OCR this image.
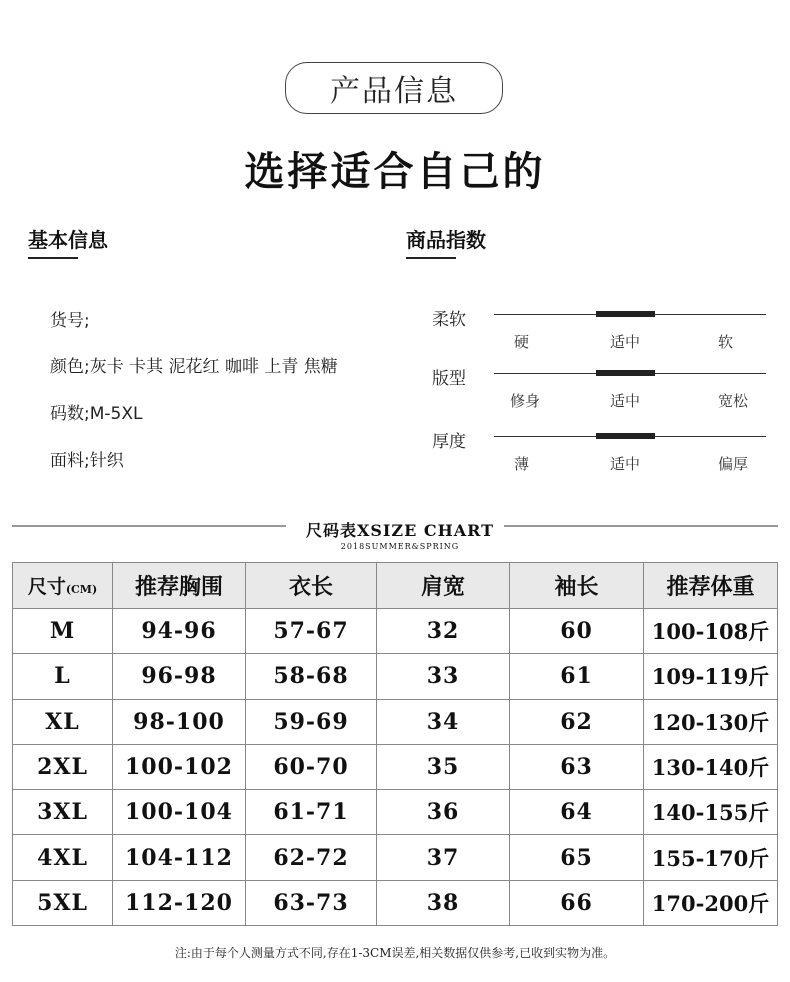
产品信息
选择适合自己的
基本信息
货号;
颜色;灰卡 卡其 泥花红 咖啡 上青 焦糖
码数;M-5XL
面料;针织
商品指数
柔软
硬	适中	软
版型
修身	适中	宽松
厚度
薄	适中	偏厚
尺码表XSIZE CHART
2018SUMMER&SPRING
尺寸(CM)	推荐胸围	衣长	肩宽	袖长	推荐体重
M	94-96	57-67	32	60	100-108斤
L	96-98	58-68	33	61	109-119斤
XL	98-100	59-69	34	62	120-130斤
2XL	100-102	60-70	35	63	130-140斤
3XL	100-104	61-71	36	64	140-155斤
4XL	104-112	62-72	37	65	155-170斤
5XL	112-120	63-73	38	66	170-200斤
注:由于每个人测量方式不同,存在1-3CM误差,相关数据仅供参考,已收到实物为准。
